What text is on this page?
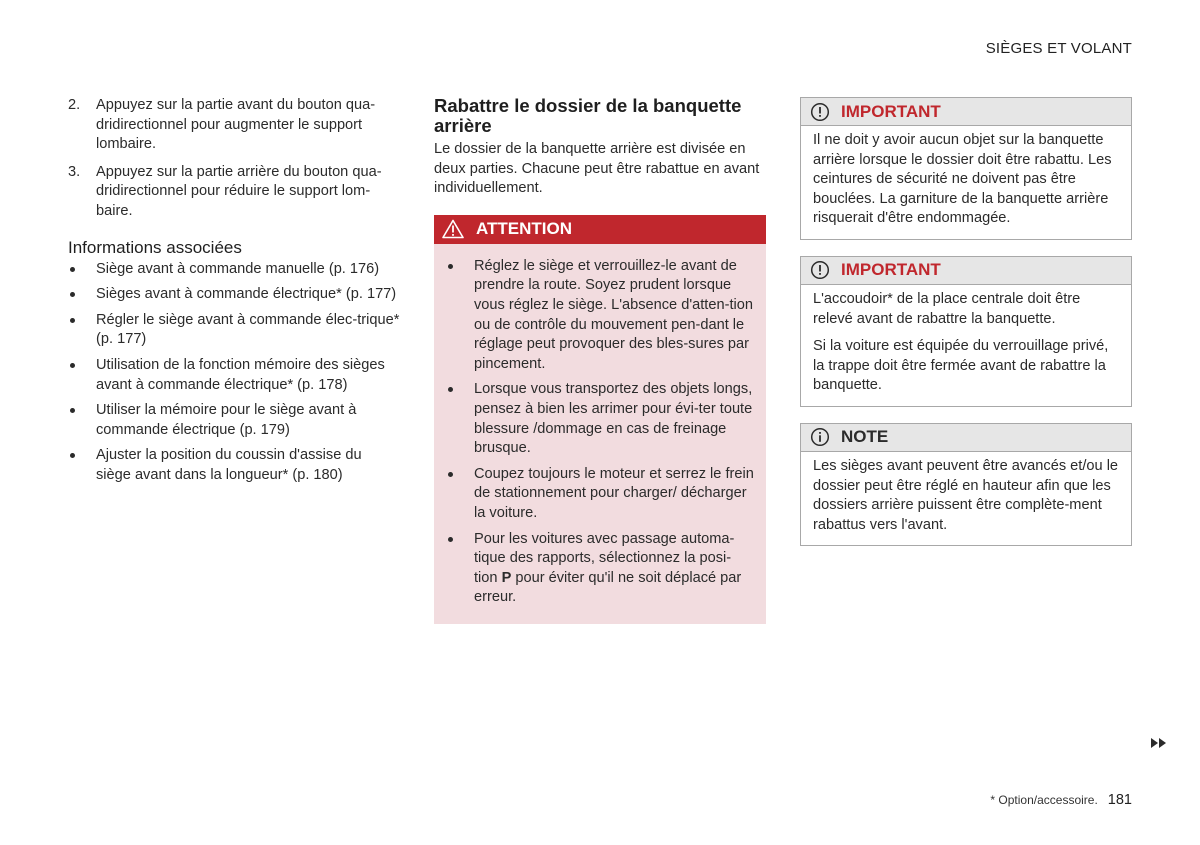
SIÈGES ET VOLANT
2.	Appuyez sur la partie avant du bouton qua-dridirectionnel pour augmenter le support lombaire.
3.	Appuyez sur la partie arrière du bouton qua-dridirectionnel pour réduire le support lom-baire.
Informations associées
Siège avant à commande manuelle (p. 176)
Sièges avant à commande électrique* (p. 177)
Régler le siège avant à commande élec-trique* (p. 177)
Utilisation de la fonction mémoire des sièges avant à commande électrique* (p. 178)
Utiliser la mémoire pour le siège avant à commande électrique (p. 179)
Ajuster la position du coussin d'assise du siège avant dans la longueur* (p. 180)
Rabattre le dossier de la banquette arrière

Le dossier de la banquette arrière est divisée en deux parties. Chacune peut être rabattue en avant individuellement.

ATTENTION
Réglez le siège et verrouillez-le avant de prendre la route. Soyez prudent lorsque vous réglez le siège. L'absence d'atten-tion ou de contrôle du mouvement pen-dant le réglage peut provoquer des bles-sures par pincement.
Lorsque vous transportez des objets longs, pensez à bien les arrimer pour évi-ter toute blessure /dommage en cas de freinage brusque.
Coupez toujours le moteur et serrez le frein de stationnement pour charger/ décharger la voiture.
Pour les voitures avec passage automa-tique des rapports, sélectionnez la posi-tion P pour éviter qu'il ne soit déplacé par erreur.
IMPORTANT

Il ne doit y avoir aucun objet sur la banquette arrière lorsque le dossier doit être rabattu. Les ceintures de sécurité ne doivent pas être bouclées. La garniture de la banquette arrière risquerait d'être endommagée.

IMPORTANT

L'accoudoir* de la place centrale doit être relevé avant de rabattre la banquette.

Si la voiture est équipée du verrouillage privé, la trappe doit être fermée avant de rabattre la banquette.

NOTE

Les sièges avant peuvent être avancés et/ou le dossier peut être réglé en hauteur afin que les dossiers arrière puissent être complète-ment rabattus vers l'avant.

* Option/accessoire. 181
